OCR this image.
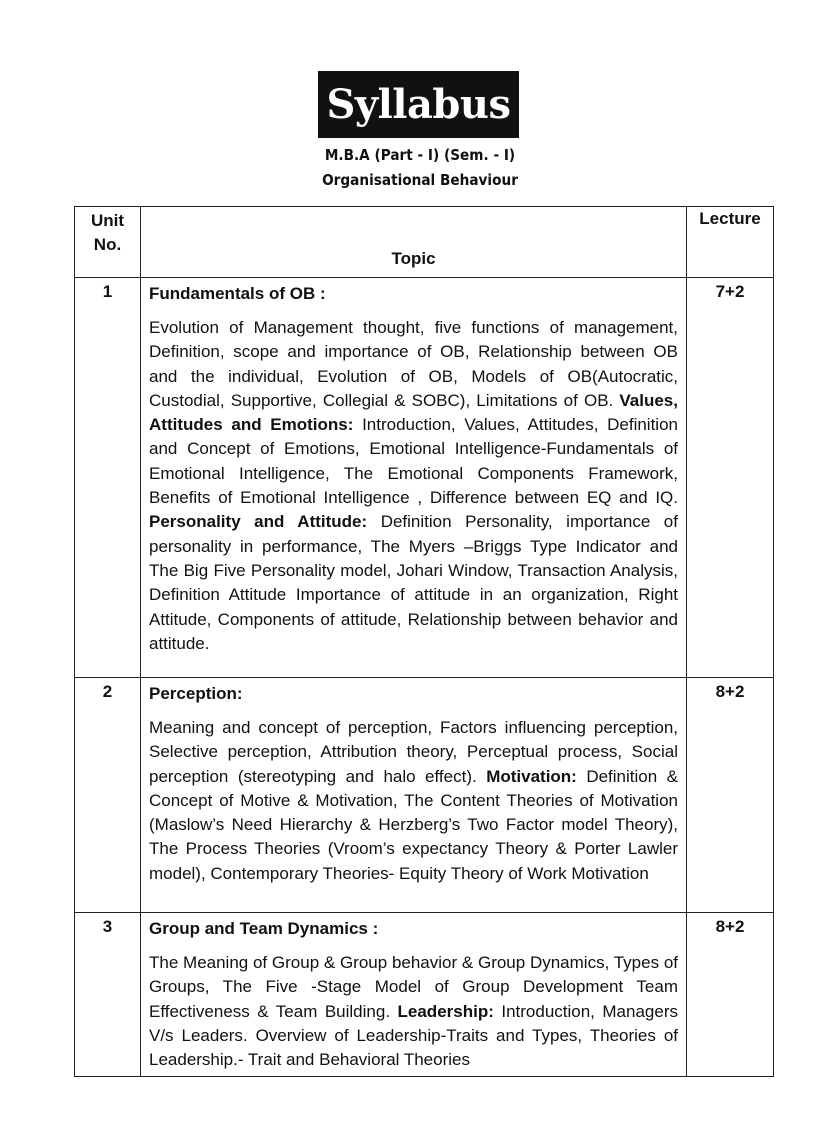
Syllabus
M.B.A (Part - I) (Sem. - I)
Organisational Behaviour
Unit No.	Topic	Lecture
1	Fundamentals of OB :
Evolution of Management thought, five functions of management, Definition, scope and importance of OB, Relationship between OB and the individual, Evolution of OB, Models of OB(Autocratic, Custodial, Supportive, Collegial & SOBC), Limitations of OB. Values, Attitudes and Emotions: Introduction, Values, Attitudes, Definition and Concept of Emotions, Emotional Intelligence-Fundamentals of Emotional Intelligence, The Emotional Components Framework, Benefits of Emotional Intelligence , Difference between EQ and IQ. Personality and Attitude: Definition Personality, importance of personality in performance, The Myers –Briggs Type Indicator and The Big Five Personality model, Johari Window, Transaction Analysis, Definition Attitude Importance of attitude in an organization, Right Attitude, Components of attitude, Relationship between behavior and attitude.	7+2
2	Perception:
Meaning and concept of perception, Factors influencing perception, Selective perception, Attribution theory, Perceptual process, Social perception (stereotyping and halo effect). Motivation: Definition & Concept of Motive & Motivation, The Content Theories of Motivation (Maslow’s Need Hierarchy & Herzberg’s Two Factor model Theory), The Process Theories (Vroom’s expectancy Theory & Porter Lawler model), Contemporary Theories- Equity Theory of Work Motivation	8+2
3	Group and Team Dynamics :
The Meaning of Group & Group behavior & Group Dynamics, Types of Groups, The Five -Stage Model of Group Development Team Effectiveness & Team Building. Leadership: Introduction, Managers V/s Leaders. Overview of Leadership-Traits and Types, Theories of Leadership.- Trait and Behavioral Theories	8+2
